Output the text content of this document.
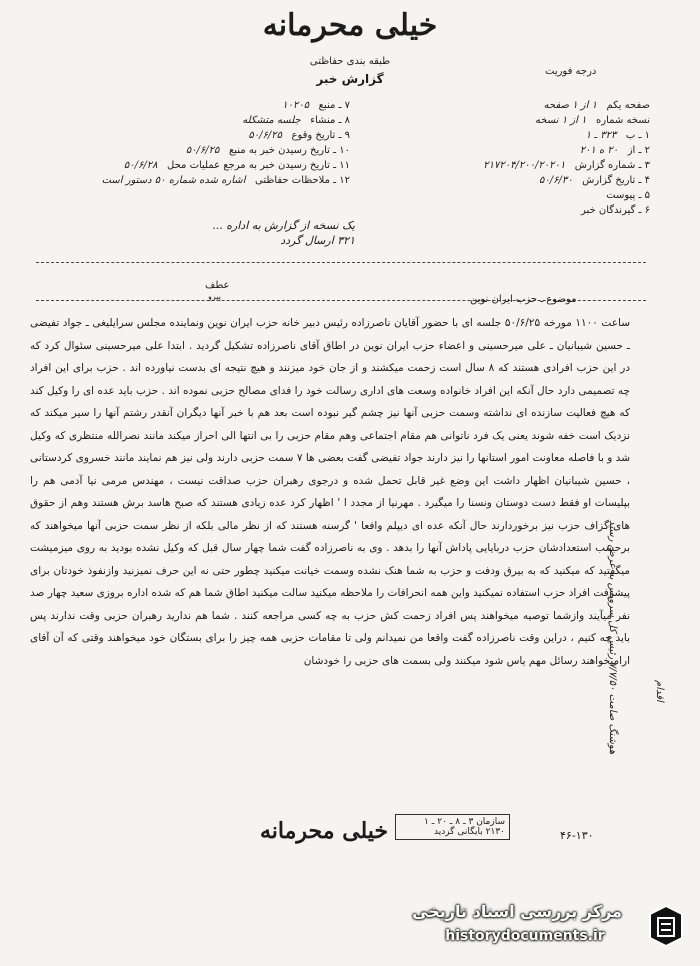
خیلی محرمانه
طبقه بندی حفاظتی
گزارش خبر
درجه فوریت
صفحه یکم   ۱ از ۱ صفحه
نسخه شماره   ۱ از ۱ نسخه
۱ ـ ب   ۳۲۳ ـ ۱
۲ ـ از   ۲۰ ه ۲۰۱
۳ ـ شماره گزارش   ۲۱۷۲۰۴/۲۰۰/۲۰۲۰۱
۴ ـ تاریخ گزارش   ۵۰/۶/۳۰
۵ ـ پیوست
۶ ـ گیرندگان خبر
۷ ـ منبع   ۱۰۲۰۵
۸ ـ منشاء   جلسه متشکله
۹ ـ تاریخ وقوع   ۵۰/۶/۲۵
۱۰ ـ تاریخ رسیدن خبر به منبع   ۵۰/۶/۲۵
۱۱ ـ تاریخ رسیدن خبر به مرجع عملیات محل   ۵۰/۶/۲۸
۱۲ ـ ملاحظات حفاظتی   اشاره شده شماره ۵۰ دستور است
یک نسخه از گزارش به اداره ... ۳۲۱ ارسال گردد
عطف
پیرو	موضوع ـ حزب ایران نوین

ساعت ۱۱۰۰ مورخه ۵۰/۶/۲۵ جلسه ای با حضور آقایان ناصرزاده رئیس دبیر خانه حزب ایران نوین ونماینده مجلس سرایلیغی ـ جواد تفیضی ـ حسین شیبانیان ـ علی میرحسینی و اعضاء حزب ایران نوین در اطاق آقای ناصرزاده تشکیل گردید . ابتدا علی میرحسینی سئوال کرد که در این حزب افرادی هستند که ۸ سال است زحمت میکشند و از جان خود میزنند و هیچ نتیجه ای بدست نیاورده اند . حزب برای این افراد چه تصمیمی دارد حال آنکه این افراد خانواده وسعت های اداری رسالت خود را فدای مصالح حزبی نموده اند . حزب باید عده ای را وکیل کند که هیچ فعالیت سازنده ای نداشته وسمت حزبی آنها نیز چشم گیر نبوده است بعد هم با خبر آنها دیگران آنقدر رشتم آنها را سیر میکند که نزدیک است خفه شوند یعنی یک فرد ناتوانی هم مقام اجتماعی وهم مقام حزبی را بی انتها الی احراز میکند مانند نصرالله منتظری که وکیل شد و با فاصله معاونت امور استانها را نیز دارند جواد تفیضی گفت بعضی ها ۷ سمت حزبی دارند ولی نیز هم نمایند مانند خسروی کردستانی ، حسین شیبانیان اظهار داشت این وضع غیر قابل تحمل شده و درجوی رهبران حزب صداقت نیست ، مهندس مرمی نیا آدمی هم را بپلیسات او فقط دست دوستان ونسنا را میگیرد . مهرنیا از مجدد ا ' اظهار کرد عده زیادی هستند که صبح هاسد برش هستند وهم از حقوق های گزاف حزب نیز برخوردارند حال آنکه عده ای دیپلم وافعا ' گرسنه هستند که از نظر مالی بلکه از نظر سمت حزبی آنها میخواهند که برحسب استعدادشان حزب دربایایی پاداش آنها را بدهد . وی به ناصرزاده گفت شما چهار سال قبل که وکیل نشده بودید به روی میزمیشت میگفتید که میکنید که به بیرق ودفت و حزب به شما هنک نشده وسمت خیانت میکنید چطور حتی نه این حرف نمیزنید وازنفوذ خودتان برای پیشرفت افراد حزب استفاده نمیکنید واین همه انحرافات را ملاحظه میکنید سالت میکنید اطاق شما هم که شده اداره بروزی سعید چهار صد نفر میآیند وازشما توصیه میخواهند پس افراد زحمت کش حزب به چه کسی مراجعه کنند . شما هم ندارید رهبران حزبی وقت ندارند پس باید چه کنیم ، دراین وقت ناصرزاده گفت واقعا من نمیدانم ولی تا مقامات حزبی همه چیز را برای بستگان خود میخواهند وقتی که آن آقای ارامیخواهند رسائل مهم یاس شود میکنند ولی بسمت های حزبی را خودشان

هوشنگ صامت ۷/۷/۵۰ رئیس کل سرویس به عرض رسید	اقدام
خیلی محرمانه	سازمان ۳ ـ ۸ ـ ۲۰ ـ ۱
۲۱۳۰ بایگانی گردید	۴۶-۱۳۰
مرکز بررسی اسناد تاریخی
historydocuments.ir
